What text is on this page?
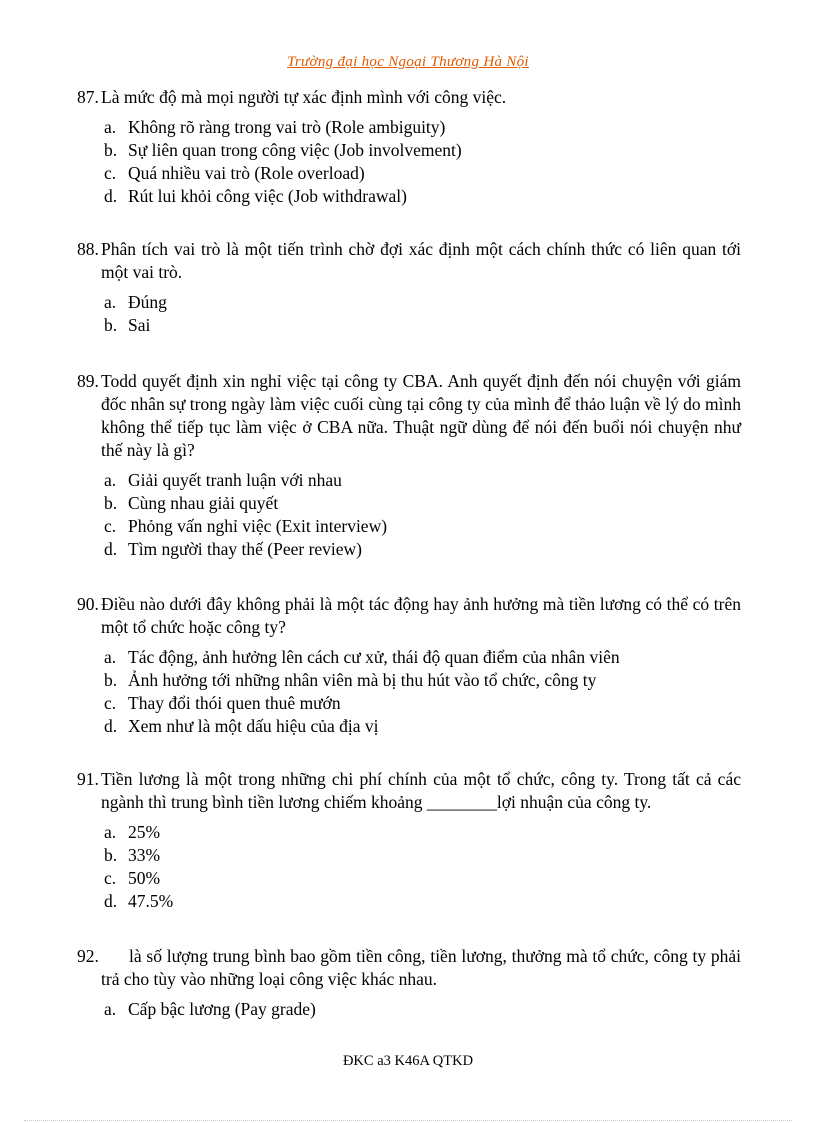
Trường đại học Ngoại Thương Hà Nội
87. Là mức độ mà mọi người tự xác định mình với công việc.
a. Không rõ ràng trong vai trò (Role ambiguity)
b. Sự liên quan trong công việc (Job involvement)
c. Quá nhiều vai trò (Role overload)
d. Rút lui khỏi công việc (Job withdrawal)
88. Phân tích vai trò là một tiến trình chờ đợi xác định một cách chính thức có liên quan tới một vai trò.
a. Đúng
b. Sai
89. Todd quyết định xin nghỉ việc tại công ty CBA. Anh quyết định đến nói chuyện với giám đốc nhân sự trong ngày làm việc cuối cùng tại công ty của mình để thảo luận về lý do mình không thể tiếp tục làm việc ở CBA nữa. Thuật ngữ dùng để nói đến buổi nói chuyện như thế này là gì?
a. Giải quyết tranh luận với nhau
b. Cùng nhau giải quyết
c. Phỏng vấn nghỉ việc (Exit interview)
d. Tìm người thay thế (Peer review)
90. Điều nào dưới đây không phải là một tác động hay ảnh hưởng mà tiền lương có thể có trên một tổ chức hoặc công ty?
a. Tác động, ảnh hưởng lên cách cư xử, thái độ quan điểm của nhân viên
b. Ảnh hưởng tới những nhân viên mà bị thu hút vào tổ chức, công ty
c. Thay đổi thói quen thuê mướn
d. Xem như là một dấu hiệu của địa vị
91. Tiền lương là một trong những chi phí chính của một tổ chức, công ty. Trong tất cả các ngành thì trung bình tiền lương chiếm khoảng ________lợi nhuận của công ty.
a. 25%
b. 33%
c. 50%
d. 47.5%
92. là số lượng trung bình bao gồm tiền công, tiền lương, thưởng mà tổ chức, công ty phải trả cho tùy vào những loại công việc khác nhau.
a. Cấp bậc lương (Pay grade)
ĐKC a3 K46A QTKD
